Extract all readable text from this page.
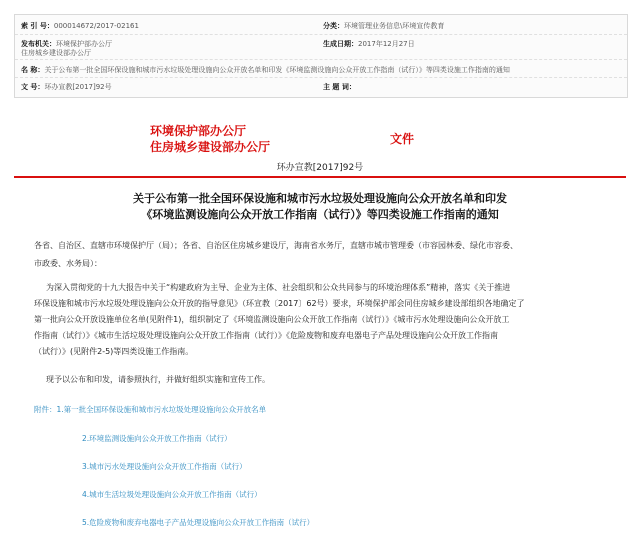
索 引 号：000014672/2017-02161	分类：环境管理业务信息\环境宣传教育
发布机关：环境保护部办公厅	生成日期：2017年12月27日
住房城乡建设部办公厅
名 称：关于公布第一批全国环保设施和城市污水垃圾处理设施向公众开放名单和印发《环境监测设施向公众开放工作指南（试行）》等四类设施工作指南的通知
文 号：环办宣教[2017]92号	主 题 词：
环境保护部办公厅
住房城乡建设部办公厅
文件
环办宣教[2017]92号
关于公布第一批全国环保设施和城市污水垃圾处理设施向公众开放名单和印发
《环境监测设施向公众开放工作指南（试行）》等四类设施工作指南的通知
各省、自治区、直辖市环境保护厅（局）；各省、自治区住房城乡建设厅，海南省水务厅，直辖市城市管理委（市容园林委、绿化市容委、
市政委、水务局）：
为深入贯彻党的十九大报告中关于“构建政府为主导、企业为主体、社会组织和公众共同参与的环境治理体系”精神，落实《关于推进
环保设施和城市污水垃圾处理设施向公众开放的指导意见》（环宣教〔2017〕62号）要求，环境保护部会同住房城乡建设部组织各地确定了
第一批向公众开放设施单位名单(见附件1)，组织制定了《环境监测设施向公众开放工作指南（试行）》《城市污水处理设施向公众开放工
作指南（试行）》《城市生活垃圾处理设施向公众开放工作指南（试行）》《危险废物和废弃电器电子产品处理设施向公众开放工作指南
（试行）》(见附件2-5)等四类设施工作指南。
现予以公布和印发，请参照执行，并做好组织实施和宣传工作。
附件：1.第一批全国环保设施和城市污水垃圾处理设施向公众开放名单
2.环境监测设施向公众开放工作指南（试行）
3.城市污水处理设施向公众开放工作指南（试行）
4.城市生活垃圾处理设施向公众开放工作指南（试行）
5.危险废物和废弃电器电子产品处理设施向公众开放工作指南（试行）
